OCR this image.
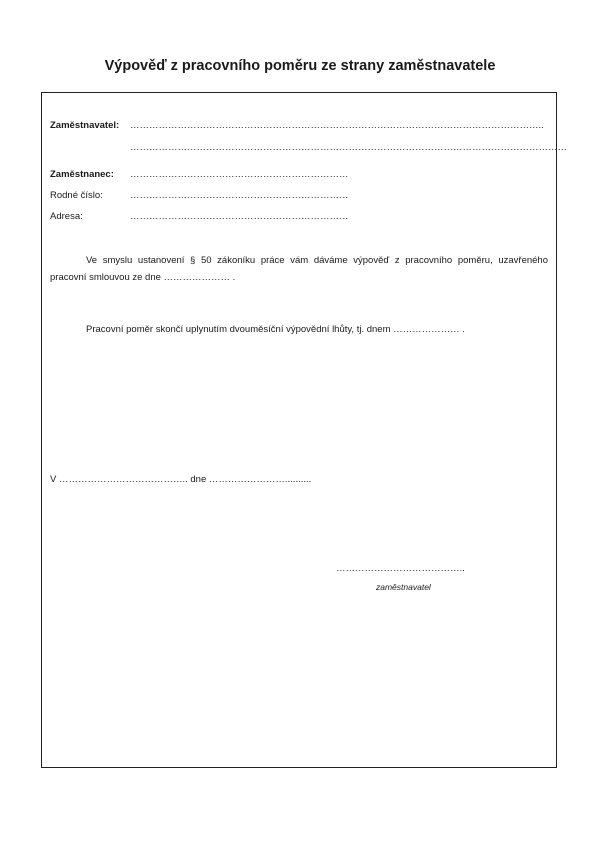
Výpověď z pracovního poměru ze strany zaměstnavatele
Zaměstnavatel: …………………………………………………………………………………………………………………..
…………………………………………………………………………………………………………………………
Zaměstnanec: ……………………………………………………………
Rodné číslo:	……………………………………………………………
Adresa:	……………………………………………………………
Ve smyslu ustanovení § 50 zákoníku práce vám dáváme výpověď z pracovního poměru, uzavřeného pracovní smlouvou ze dne ………………… .
Pracovní poměr skončí uplynutím dvouměsíční výpovědní lhůty, tj. dnem ………………… .
V ………………………………….. dne ……………………..........
…………………………………..
zaměstnavatel
